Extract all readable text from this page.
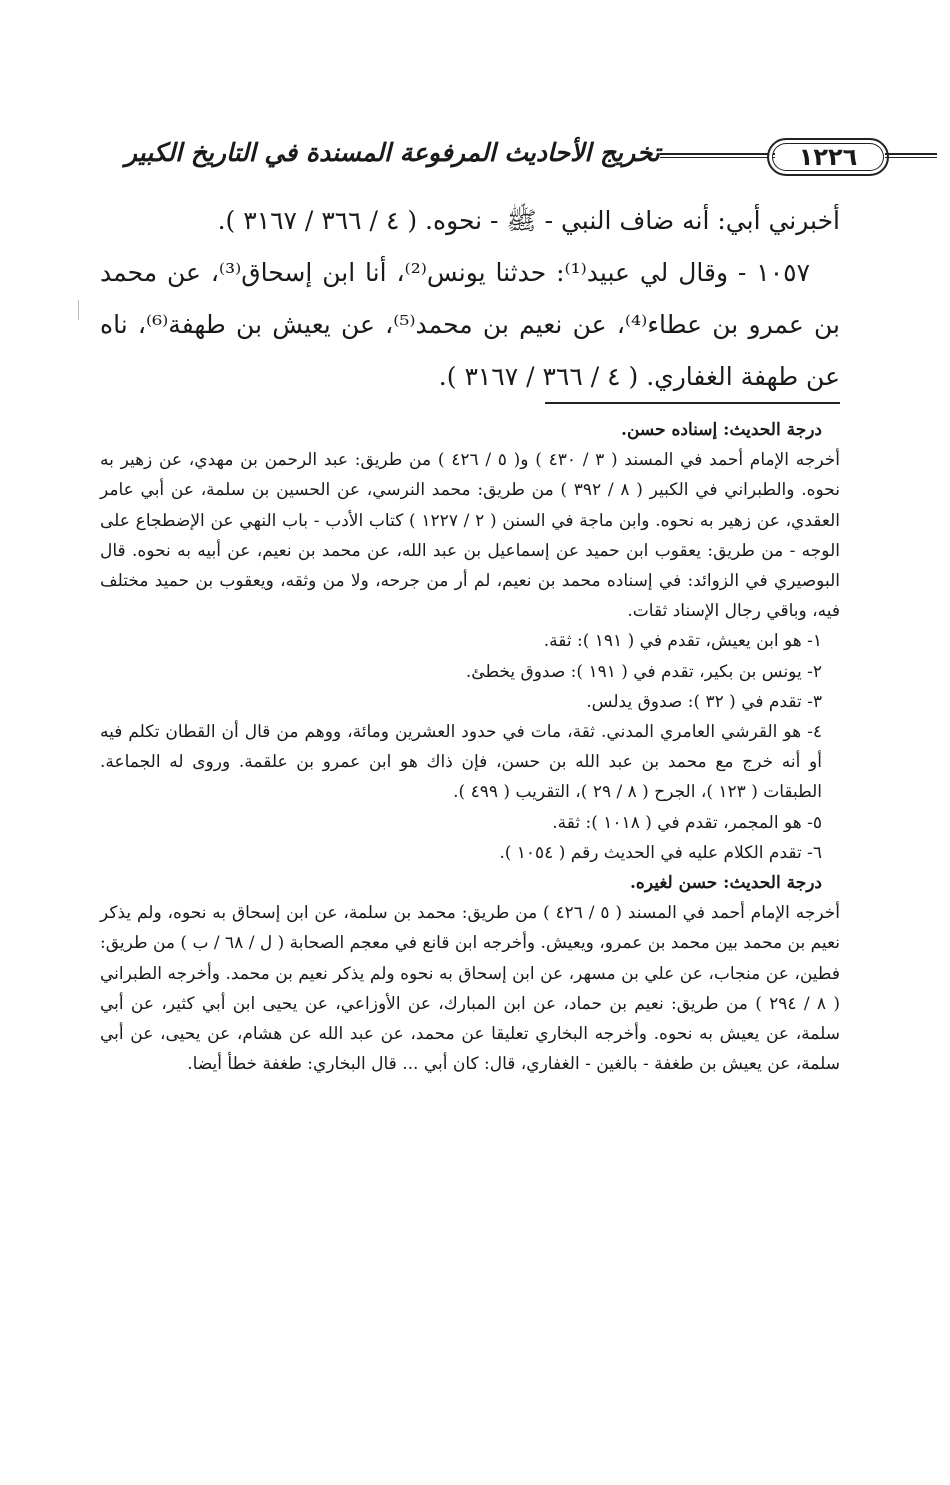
١٢٢٦
تخريج الأحاديث المرفوعة المسندة في التاريخ الكبير

أخبرني أبي: أنه ضاف النبي - ﷺ - نحوه. ( ٤ / ٣٦٦ / ٣١٦٧ ).

١٠٥٧ - وقال لي عبيد⁽¹⁾: حدثنا يونس⁽²⁾، أنا ابن إسحاق⁽³⁾، عن محمد بن عمرو بن عطاء⁽⁴⁾، عن نعيم بن محمد⁽⁵⁾، عن يعيش بن طهفة⁽⁶⁾، ناه عن طهفة الغفاري. ( ٤ / ٣٦٦ / ٣١٦٧ ).

درجة الحديث: إسناده حسن.

أخرجه الإمام أحمد في المسند ( ٣ / ٤٣٠ ) و( ٥ / ٤٢٦ ) من طريق: عبد الرحمن بن مهدي، عن زهير به نحوه. والطبراني في الكبير ( ٨ / ٣٩٢ ) من طريق: محمد النرسي، عن الحسين بن سلمة، عن أبي عامر العقدي، عن زهير به نحوه. وابن ماجة في السنن ( ٢ / ١٢٢٧ ) كتاب الأدب - باب النهي عن الإضطجاع على الوجه - من طريق: يعقوب ابن حميد عن إسماعيل بن عبد الله، عن محمد بن نعيم، عن أبيه به نحوه. قال البوصيري في الزوائد: في إسناده محمد بن نعيم، لم أر من جرحه، ولا من وثقه، ويعقوب بن حميد مختلف فيه، وباقي رجال الإسناد ثقات.

١- هو ابن يعيش، تقدم في ( ١٩١ ): ثقة.

٢- يونس بن بكير، تقدم في ( ١٩١ ): صدوق يخطئ.

٣- تقدم في ( ٣٢ ): صدوق يدلس.

٤- هو القرشي العامري المدني. ثقة، مات في حدود العشرين ومائة، ووهم من قال أن القطان تكلم فيه أو أنه خرج مع محمد بن عبد الله بن حسن، فإن ذاك هو ابن عمرو بن علقمة. وروى له الجماعة. الطبقات ( ١٢٣ )، الجرح ( ٨ / ٢٩ )، التقريب ( ٤٩٩ ).

٥- هو المجمر، تقدم في ( ١٠١٨ ): ثقة.

٦- تقدم الكلام عليه في الحديث رقم ( ١٠٥٤ ).

درجة الحديث: حسن لغيره.

أخرجه الإمام أحمد في المسند ( ٥ / ٤٢٦ ) من طريق: محمد بن سلمة، عن ابن إسحاق به نحوه، ولم يذكر نعيم بن محمد بين محمد بن عمرو، ويعيش. وأخرجه ابن قانع في معجم الصحابة ( ل / ٦٨ / ب ) من طريق: فطين، عن منجاب، عن علي بن مسهر، عن ابن إسحاق به نحوه ولم يذكر نعيم بن محمد. وأخرجه الطبراني ( ٨ / ٢٩٤ ) من طريق: نعيم بن حماد، عن ابن المبارك، عن الأوزاعي، عن يحيى ابن أبي كثير، عن أبي سلمة، عن يعيش به نحوه. وأخرجه البخاري تعليقا عن محمد، عن عبد الله عن هشام، عن يحيى، عن أبي سلمة، عن يعيش بن طغفة - بالغين - الغفاري، قال: كان أبي ... قال البخاري: طغفة خطأ أيضا.
